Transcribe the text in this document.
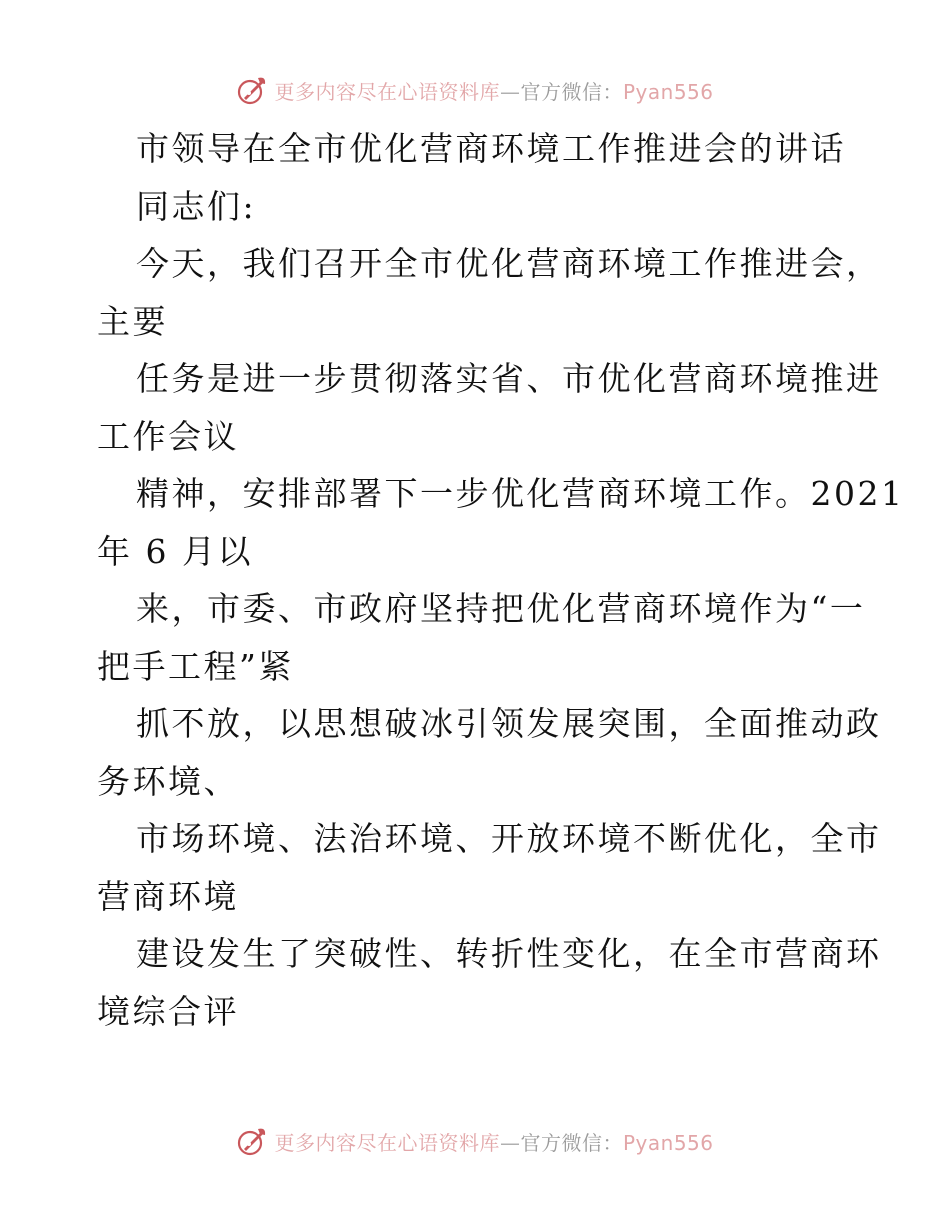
更多内容尽在心语资料库—官方微信：Pyan556
市领导在全市优化营商环境工作推进会的讲话
同志们:
今天，我们召开全市优化营商环境工作推进会，
主要
任务是进一步贯彻落实省、市优化营商环境推进
工作会议
精神，安排部署下一步优化营商环境工作。2021
年 6 月以
来，市委、市政府坚持把优化营商环境作为“一
把手工程”紧
抓不放，以思想破冰引领发展突围，全面推动政
务环境、
市场环境、法治环境、开放环境不断优化，全市
营商环境
建设发生了突破性、转折性变化，在全市营商环
境综合评
更多内容尽在心语资料库—官方微信：Pyan556
